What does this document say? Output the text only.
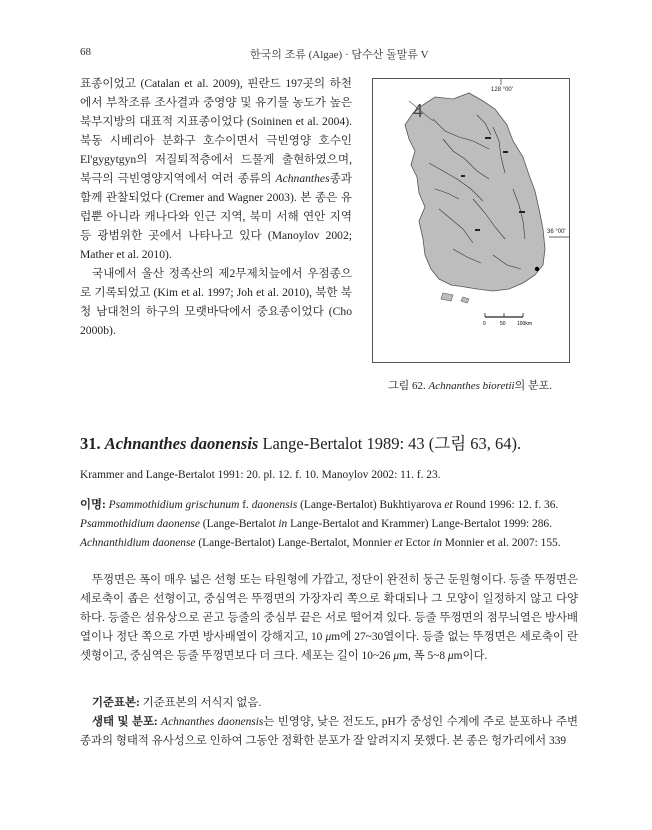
68	한국의 조류 (Algae) · 담수산 돌말류 V

표종이었고 (Catalan et al. 2009), 핀란드 197곳의 하천에서 부착조류 조사결과 중영양 및 유기물 농도가 높은 북부지방의 대표적 지표종이었다 (Soininen et al. 2004). 북동 시베리아 분화구 호수이면서 극빈영양 호수인 El'gygytgyn의 저질퇴적층에서 드물게 출현하였으며, 북극의 극빈영양지역에서 여러 종류의 Achnanthes종과 함께 관찰되었다 (Cremer and Wagner 2003). 본 종은 유럽뿐 아니라 캐나다와 인근 지역, 북미 서해 연안 지역 등 광범위한 곳에서 나타나고 있다 (Manoylov 2002; Mather et al. 2010).

국내에서 울산 정족산의 제2무제치늪에서 우점종으로 기록되었고 (Kim et al. 1997; Joh et al. 2010), 북한 북청 남대천의 하구의 모랫바닥에서 중요종이었다 (Cho 2000b).

128 °00'
36 °00'
4
0	50 100km
그림 62. Achnanthes bioretii의 분포.
31. Achnanthes daonensis Lange-Bertalot 1989: 43 (그림 63, 64).
Krammer and Lange-Bertalot 1991: 20. pl. 12. f. 10. Manoylov 2002: 11. f. 23.

이명: Psammothidium grischunum f. daonensis (Lange-Bertalot) Bukhtiyarova et Round 1996: 12. f. 36.

Psammothidium daonense (Lange-Bertalot in Lange-Bertalot and Krammer) Lange-Bertalot 1999: 286.

Achnanthidium daonense (Lange-Bertalot) Lange-Bertalot, Monnier et Ector in Monnier et al. 2007: 155.

뚜껑면은 폭이 매우 넓은 선형 또는 타원형에 가깝고, 정단이 완전히 둥근 둔원형이다. 등줄 뚜껑면은 세로축이 좁은 선형이고, 중심역은 뚜껑면의 가장자리 쪽으로 확대되나 그 모양이 일정하지 않고 다양하다. 등줄은 섬유상으로 곧고 등줄의 중심부 끝은 서로 떨어져 있다. 등줄 뚜껑면의 점무늬열은 방사배열이나 정단 쪽으로 가면 방사배열이 강해지고, 10 μm에 27~30열이다. 등줄 없는 뚜껑면은 세로축이 란셋형이고, 중심역은 등줄 뚜껑면보다 더 크다. 세포는 길이 10~26 μm, 폭 5~8 μm이다.

기준표본: 기준표본의 서식지 없음.

생태 및 분포: Achnanthes daonensis는 빈영양, 낮은 전도도, pH가 중성인 수계에 주로 분포하나 주변 종과의 형태적 유사성으로 인하여 그동안 정확한 분포가 잘 알려지지 못했다. 본 종은 헝가리에서 339
